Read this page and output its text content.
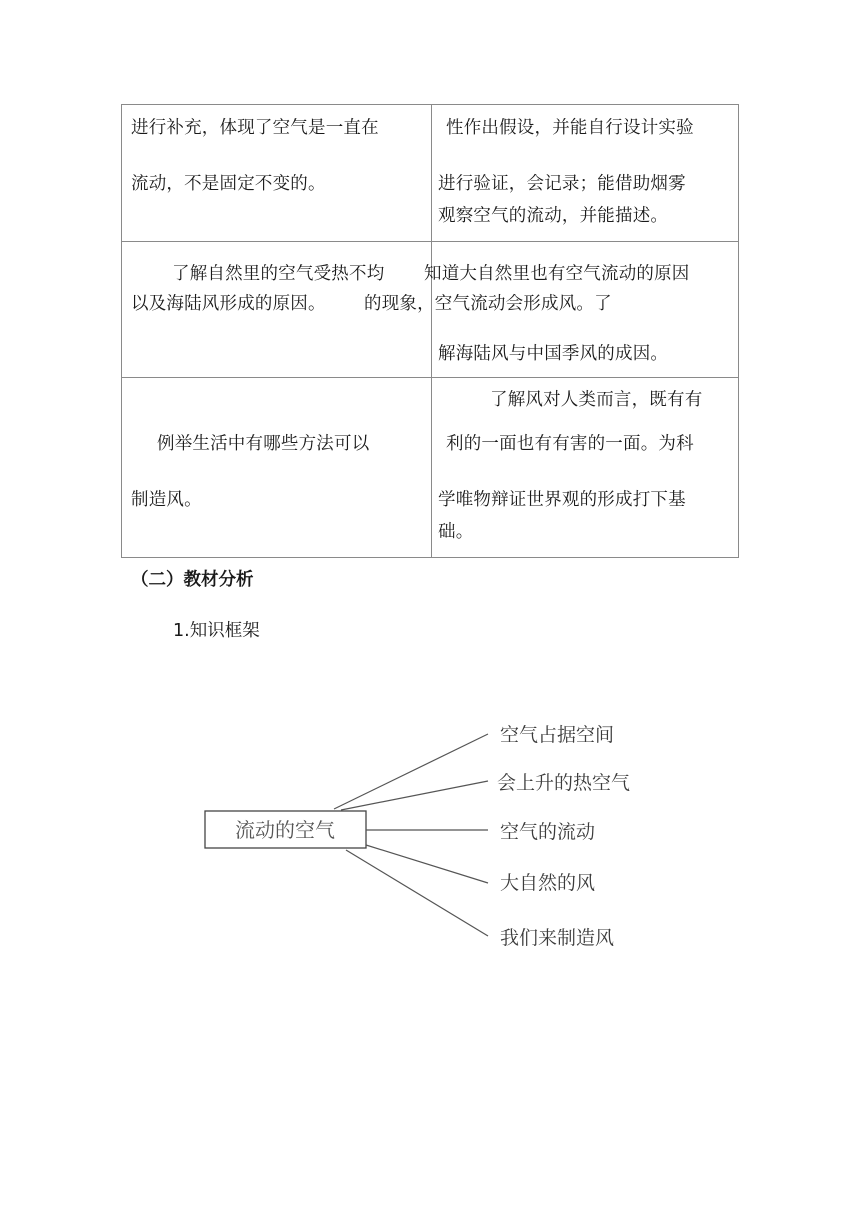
进行补充，体现了空气是一直在
流动，不是固定不变的。
性作出假设，并能自行设计实验
进行验证，会记录；能借助烟雾
观察空气的流动，并能描述。
了解自然里的空气受热不均
以及海陆风形成的原因。
知道大自然里也有空气流动的原因
的现象，空气流动会形成风。了
解海陆风与中国季风的成因。
例举生活中有哪些方法可以
制造风。
了解风对人类而言，既有有
利的一面也有有害的一面。为科
学唯物辩证世界观的形成打下基
础。
（二）教材分析
1.知识框架
流动的空气
空气占据空间
会上升的热空气
空气的流动
大自然的风
我们来制造风
